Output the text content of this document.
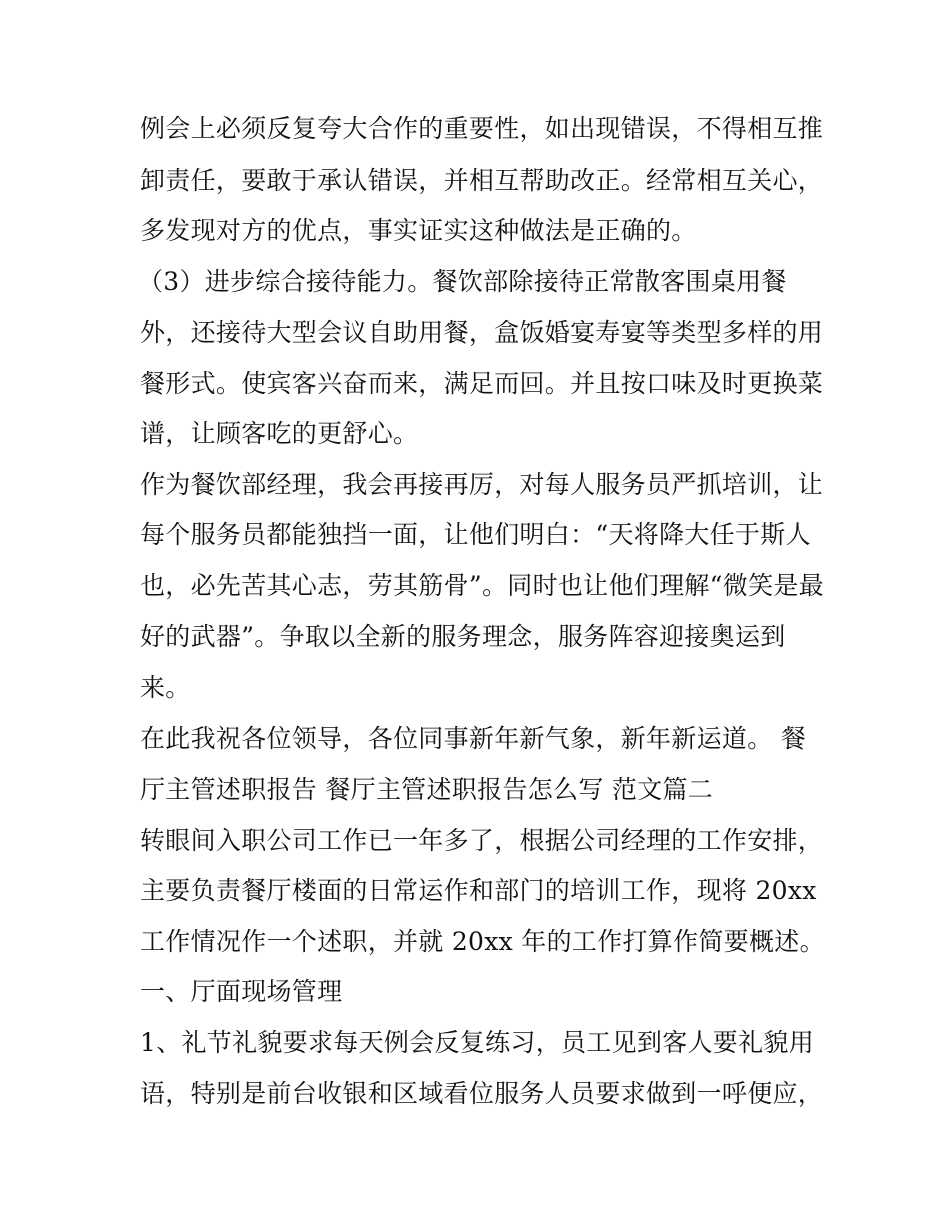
例会上必须反复夸大合作的重要性，如出现错误，不得相互推
卸责任，要敢于承认错误，并相互帮助改正。经常相互关心，
多发现对方的优点，事实证实这种做法是正确的。
（3）进步综合接待能力。餐饮部除接待正常散客围桌用餐
外，还接待大型会议自助用餐，盒饭婚宴寿宴等类型多样的用
餐形式。使宾客兴奋而来，满足而回。并且按口味及时更换菜
谱，让顾客吃的更舒心。
作为餐饮部经理，我会再接再厉，对每人服务员严抓培训，让
每个服务员都能独挡一面，让他们明白：“天将降大任于斯人
也，必先苦其心志，劳其筋骨”。同时也让他们理解“微笑是最
好的武器”。争取以全新的服务理念，服务阵容迎接奥运到
来。
在此我祝各位领导，各位同事新年新气象，新年新运道。 餐
厅主管述职报告 餐厅主管述职报告怎么写 范文篇二
转眼间入职公司工作已一年多了，根据公司经理的工作安排，
主要负责餐厅楼面的日常运作和部门的培训工作，现将 20xx
工作情况作一个述职，并就 20xx 年的工作打算作简要概述。
一、厅面现场管理
1、礼节礼貌要求每天例会反复练习，员工见到客人要礼貌用
语，特别是前台收银和区域看位服务人员要求做到一呼便应，
